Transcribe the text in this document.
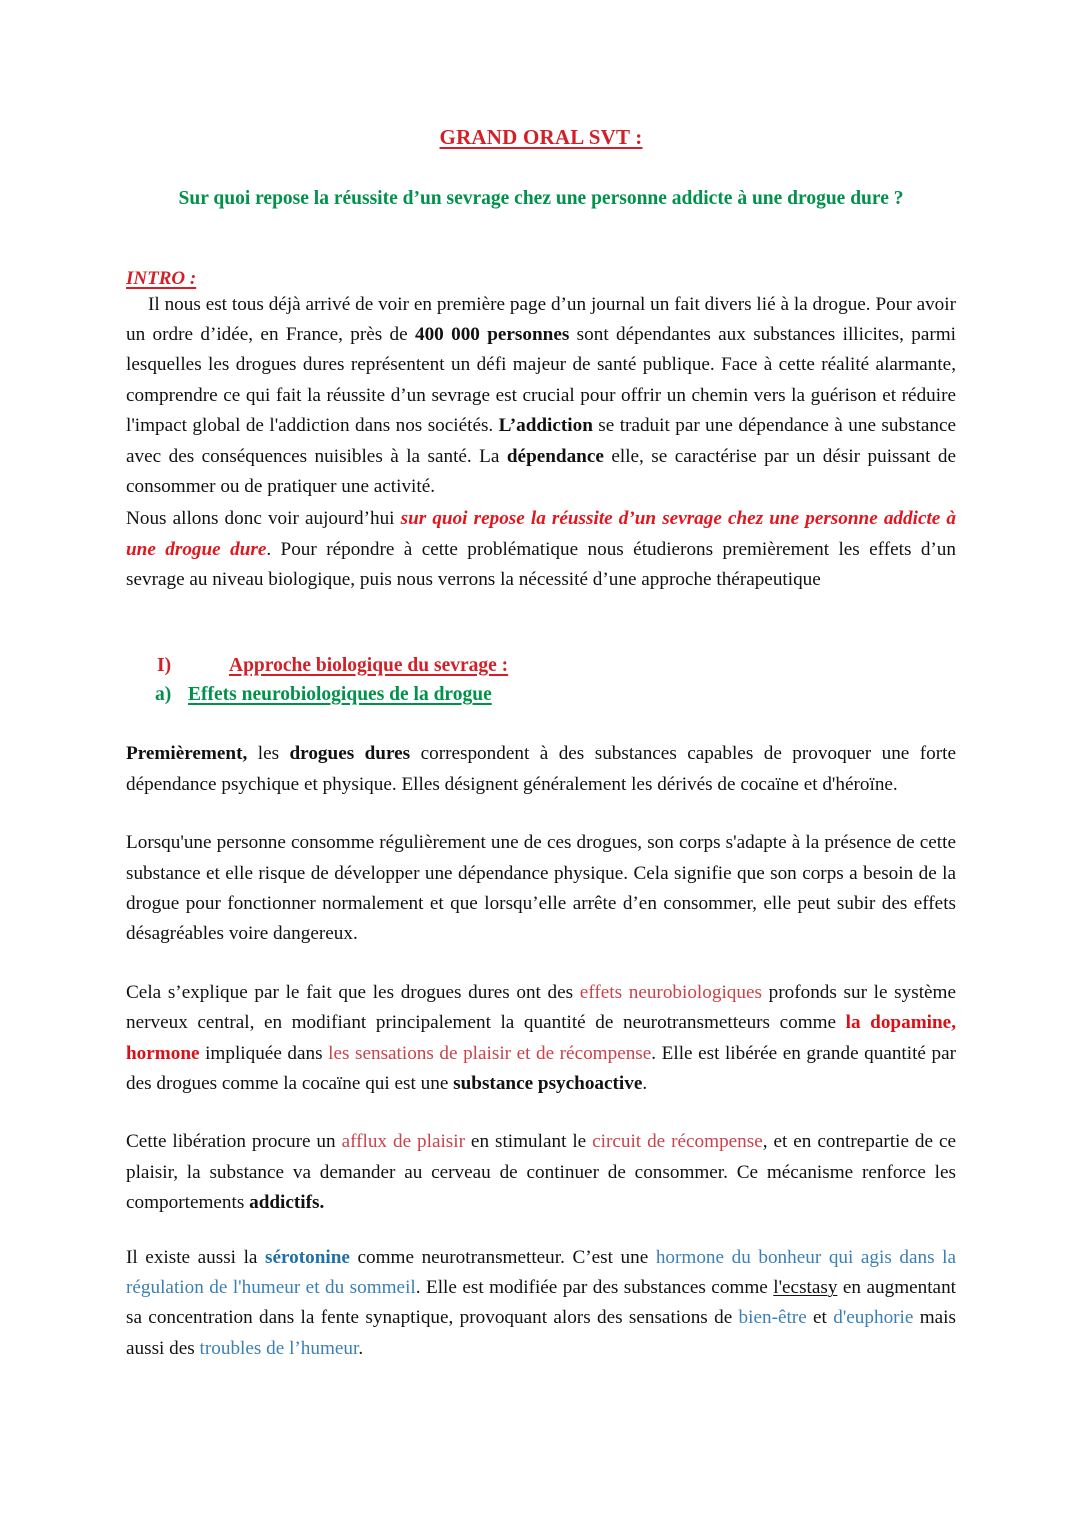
GRAND ORAL SVT :
Sur quoi repose la réussite d’un sevrage chez une personne addicte à une drogue dure ?
INTRO :

Il nous est tous déjà arrivé de voir en première page d’un journal un fait divers lié à la drogue. Pour avoir un ordre d’idée, en France, près de 400 000 personnes sont dépendantes aux substances illicites, parmi lesquelles les drogues dures représentent un défi majeur de santé publique. Face à cette réalité alarmante, comprendre ce qui fait la réussite d’un sevrage est crucial pour offrir un chemin vers la guérison et réduire l'impact global de l'addiction dans nos sociétés. L’addiction se traduit par une dépendance à une substance avec des conséquences nuisibles à la santé. La dépendance elle, se caractérise par un désir puissant de consommer ou de pratiquer une activité.

Nous allons donc voir aujourd’hui sur quoi repose la réussite d’un sevrage chez une personne addicte à une drogue dure. Pour répondre à cette problématique nous étudierons premièrement les effets d’un sevrage au niveau biologique, puis nous verrons la nécessité d’une approche thérapeutique

I)	Approche biologique du sevrage :

a) Effets neurobiologiques de la drogue

Premièrement, les drogues dures correspondent à des substances capables de provoquer une forte dépendance psychique et physique. Elles désignent généralement les dérivés de cocaïne et d'héroïne.

Lorsqu'une personne consomme régulièrement une de ces drogues, son corps s'adapte à la présence de cette substance et elle risque de développer une dépendance physique. Cela signifie que son corps a besoin de la drogue pour fonctionner normalement et que lorsqu’elle arrête d’en consommer, elle peut subir des effets désagréables voire dangereux.

Cela s’explique par le fait que les drogues dures ont des effets neurobiologiques profonds sur le système nerveux central, en modifiant principalement la quantité de neurotransmetteurs comme la dopamine, hormone impliquée dans les sensations de plaisir et de récompense. Elle est libérée en grande quantité par des drogues comme la cocaïne qui est une substance psychoactive.

Cette libération procure un afflux de plaisir en stimulant le circuit de récompense, et en contrepartie de ce plaisir, la substance va demander au cerveau de continuer de consommer. Ce mécanisme renforce les comportements addictifs.

Il existe aussi la sérotonine comme neurotransmetteur. C’est une hormone du bonheur qui agis dans la régulation de l'humeur et du sommeil. Elle est modifiée par des substances comme l'ecstasy en augmentant sa concentration dans la fente synaptique, provoquant alors des sensations de bien-être et d'euphorie mais aussi des troubles de l’humeur.
